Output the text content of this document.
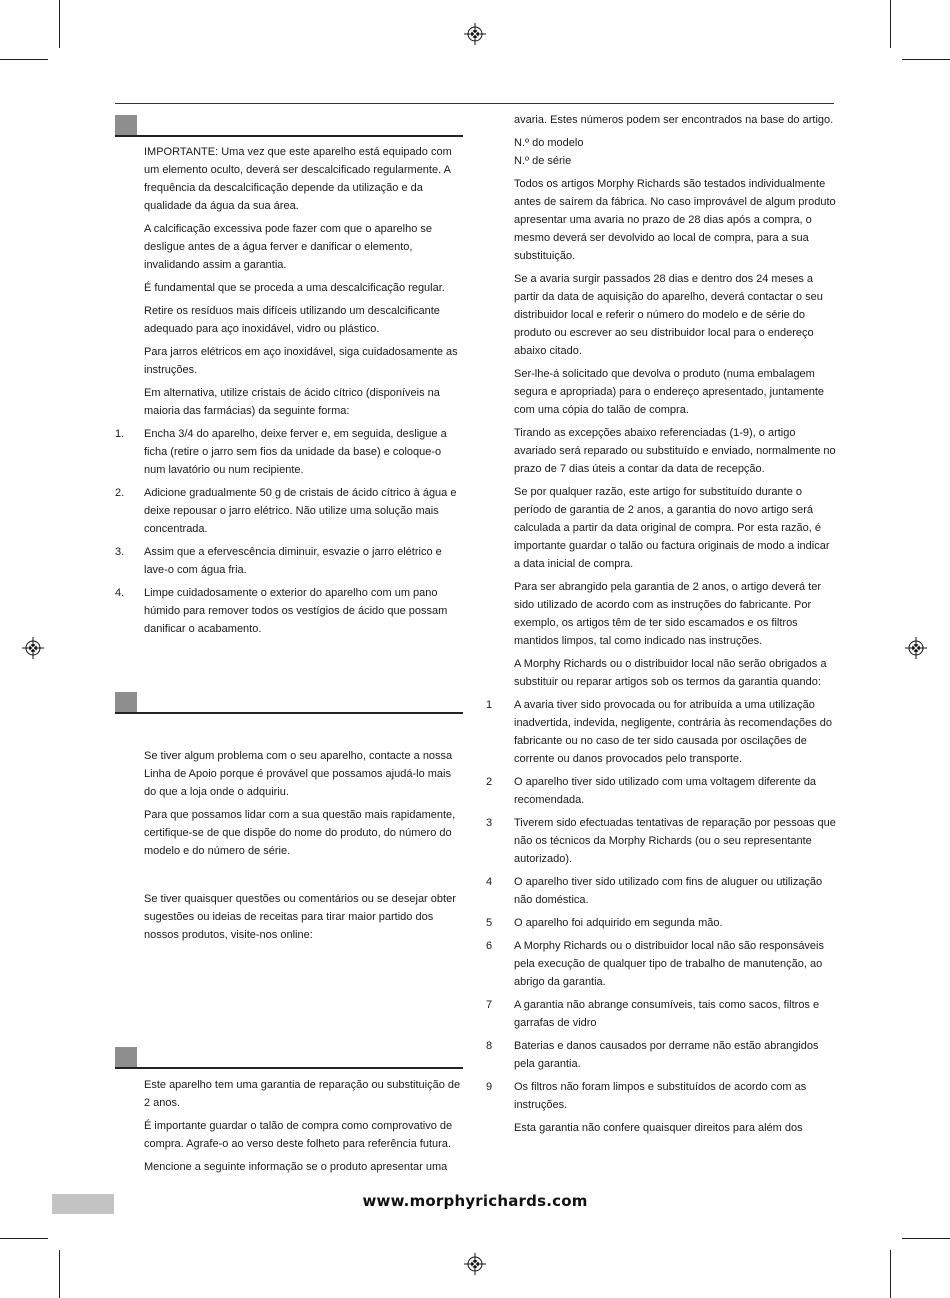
IMPORTANTE: Uma vez que este aparelho está equipado com um elemento oculto, deverá ser descalcificado regularmente. A frequência da descalcificação depende da utilização e da qualidade da água da sua área.

A calcificação excessiva pode fazer com que o aparelho se desligue antes de a água ferver e danificar o elemento, invalidando assim a garantia.

É fundamental que se proceda a uma descalcificação regular.

Retire os resíduos mais difíceis utilizando um descalcificante adequado para aço inoxidável, vidro ou plástico.

Para jarros elétricos em aço inoxidável, siga cuidadosamente as instruções.

Em alternativa, utilize cristais de ácido cítrico (disponíveis na maioria das farmácias) da seguinte forma:

1.	Encha 3/4 do aparelho, deixe ferver e, em seguida, desligue a ficha (retire o jarro sem fios da unidade da base) e coloque-o num lavatório ou num recipiente.
2.	Adicione gradualmente 50 g de cristais de ácido cítrico à água e deixe repousar o jarro elétrico. Não utilize uma solução mais concentrada.
3.	Assim que a efervescência diminuir, esvazie o jarro elétrico e lave-o com água fria.
4.	Limpe cuidadosamente o exterior do aparelho com um pano húmido para remover todos os vestígios de ácido que possam danificar o acabamento.

Se tiver algum problema com o seu aparelho, contacte a nossa Linha de Apoio porque é provável que possamos ajudá-lo mais do que a loja onde o adquiriu.

Para que possamos lidar com a sua questão mais rapidamente, certifique-se de que dispõe do nome do produto, do número do modelo e do número de série.

Se tiver quaisquer questões ou comentários ou se desejar obter sugestões ou ideias de receitas para tirar maior partido dos nossos produtos, visite-nos online:

Este aparelho tem uma garantia de reparação ou substituição de 2 anos.

É importante guardar o talão de compra como comprovativo de compra. Agrafe-o ao verso deste folheto para referência futura.

Mencione a seguinte informação se o produto apresentar uma

avaria. Estes números podem ser encontrados na base do artigo.

N.º do modelo

N.º de série

Todos os artigos Morphy Richards são testados individualmente antes de saírem da fábrica. No caso improvável de algum produto apresentar uma avaria no prazo de 28 dias após a compra, o mesmo deverá ser devolvido ao local de compra, para a sua substituição.

Se a avaria surgir passados 28 dias e dentro dos 24 meses a partir da data de aquisição do aparelho, deverá contactar o seu distribuidor local e referir o número do modelo e de série do produto ou escrever ao seu distribuidor local para o endereço abaixo citado.

Ser-lhe-á solicitado que devolva o produto (numa embalagem segura e apropriada) para o endereço apresentado, juntamente com uma cópia do talão de compra.

Tirando as excepções abaixo referenciadas (1-9), o artigo avariado será reparado ou substituído e enviado, normalmente no prazo de 7 dias úteis a contar da data de recepção.

Se por qualquer razão, este artigo for substituído durante o período de garantia de 2 anos, a garantia do novo artigo será calculada a partir da data original de compra. Por esta razão, é importante guardar o talão ou factura originais de modo a indicar a data inicial de compra.

Para ser abrangido pela garantia de 2 anos, o artigo deverá ter sido utilizado de acordo com as instruções do fabricante. Por exemplo, os artigos têm de ter sido escamados e os filtros mantidos limpos, tal como indicado nas instruções.

A Morphy Richards ou o distribuidor local não serão obrigados a substituir ou reparar artigos sob os termos da garantia quando:

1	A avaria tiver sido provocada ou for atribuída a uma utilização inadvertida, indevida, negligente, contrária às recomendações do fabricante ou no caso de ter sido causada por oscilações de corrente ou danos provocados pelo transporte.
2	O aparelho tiver sido utilizado com uma voltagem diferente da recomendada.
3	Tiverem sido efectuadas tentativas de reparação por pessoas que não os técnicos da Morphy Richards (ou o seu representante autorizado).
4	O aparelho tiver sido utilizado com fins de aluguer ou utilização não doméstica.
5	O aparelho foi adquirido em segunda mão.
6	A Morphy Richards ou o distribuidor local não são responsáveis pela execução de qualquer tipo de trabalho de manutenção, ao abrigo da garantia.
7	A garantia não abrange consumíveis, tais como sacos, filtros e garrafas de vidro
8	Baterias e danos causados por derrame não estão abrangidos pela garantia.
9	Os filtros não foram limpos e substituídos de acordo com as instruções.

Esta garantia não confere quaisquer direitos para além dos

www.morphyrichards.com
